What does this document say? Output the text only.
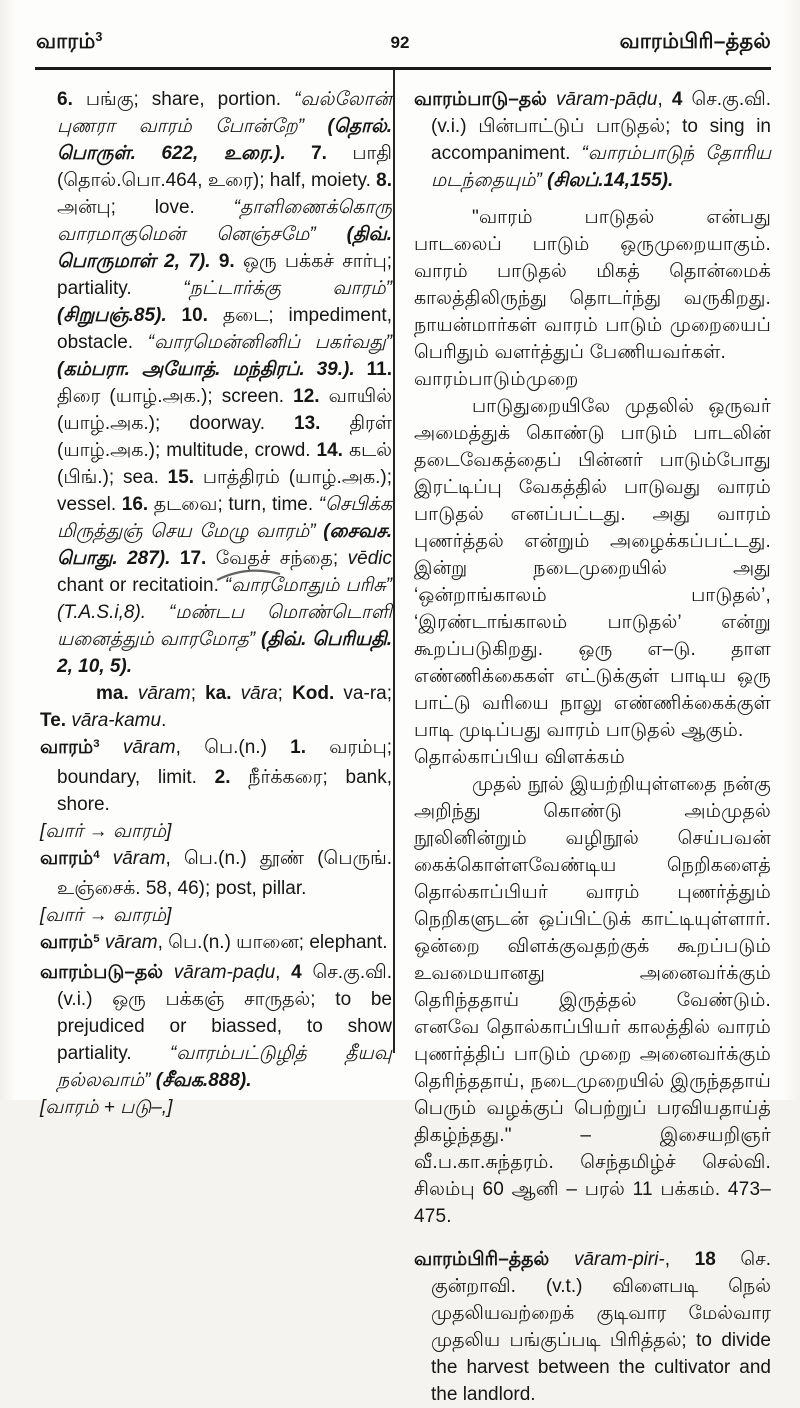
வாரம்$^3$	92	வாரம்பிரி–த்தல்

6. பங்கு; share, portion. “வல்லோன் புணரா வாரம் போன்றே” (தொல். பொருள். 622, உரை.). 7. பாதி (தொல்.பொ.464, உரை); half, moiety. 8. அன்பு; love. “தாளிணைக்கொரு வாரமாகுமென் னெஞ்சமே” (திவ். பொருமாள் 2, 7). 9. ஒரு பக்கச் சார்பு; partiality. “நட்டார்க்கு வாரம்” (சிறுபஞ்.85). 10. தடை; impediment, obstacle. “வாரமென்னினிப் பகர்வது” (கம்பரா. அயோத். மந்திரப். 39.). 11. திரை (யாழ்.அக.); screen. 12. வாயில் (யாழ்.அக.); doorway. 13. திரள் (யாழ்.அக.); multitude, crowd. 14. கடல் (பிங்.); sea. 15. பாத்திரம் (யாழ்.அக.); vessel. 16. தடவை; turn, time. “செபிக்க மிருத்துஞ் செய மேழு வாரம்” (சைவச. பொது. 287). 17. வேதச் சந்தை; vēdic chant or recitatioin. “வாரமோதும் பரிசு” (T.A.S.i,8). “மண்டப மொண்டொளி யனைத்தும் வாரமோத” (திவ். பெரியதி. 2, 10, 5).

ma. vāram; ka. vāra; Kod. va-ra; Te. vāra-kamu.

வாரம்$^3$ vāram, பெ.(n.) 1. வரம்பு; boundary, limit. 2. நீர்க்கரை; bank, shore.

[வார் → வாரம்]

வாரம்$^4$ vāram, பெ.(n.) தூண் (பெருங். உஞ்சைக். 58, 46); post, pillar.

[வார் → வாரம்]

வாரம்$^5$ vāram, பெ.(n.) யானை; elephant.

வாரம்படு–தல் vāram-paḍu, 4 செ.கு.வி. (v.i.) ஒரு பக்கஞ் சாருதல்; to be prejudiced or biassed, to show partiality. “வாரம்பட்டுழித் தீயவு நல்லவாம்” (சீவக.888).

[வாரம் + படு–,]

வாரம்பாடு–தல் vāram-pāḍu, 4 செ.கு.வி. (v.i.) பின்பாட்டுப் பாடுதல்; to sing in accompaniment. “வாரம்பாடுந் தோரிய மடந்தையும்” (சிலப்.14,155).

"வாரம் பாடுதல் என்பது பாடலைப் பாடும் ஒருமுறையாகும். வாரம் பாடுதல் மிகத் தொன்மைக் காலத்திலிருந்து தொடர்ந்து வருகிறது. நாயன்மார்கள் வாரம் பாடும் முறையைப் பெரிதும் வளர்த்துப் பேணியவர்கள்.

வாரம்பாடும்முறை

பாடுதுறையிலே முதலில் ஒருவர் அமைத்துக் கொண்டு பாடும் பாடலின் தடைவேகத்தைப் பின்னர் பாடும்போது இரட்டிப்பு வேகத்தில் பாடுவது வாரம் பாடுதல் எனப்பட்டது. அது வாரம் புணர்த்தல் என்றும் அழைக்கப்பட்டது. இன்று நடைமுறையில் அது ‘ஒன்றாங்காலம் பாடுதல்’, ‘இரண்டாங்காலம் பாடுதல்’ என்று கூறப்படுகிறது. ஒரு எ–டு. தாள எண்ணிக்கைகள் எட்டுக்குள் பாடிய ஒரு பாட்டு வரியை நாலு எண்ணிக்கைக்குள் பாடி முடிப்பது வாரம் பாடுதல் ஆகும்.

தொல்காப்பிய விளக்கம்

முதல் நூல் இயற்றியுள்ளதை நன்கு அறிந்து கொண்டு அம்முதல் நூலினின்றும் வழிநூல் செய்பவன் கைக்கொள்ளவேண்டிய நெறிகளைத் தொல்காப்பியர் வாரம் புணர்த்தும் நெறிகளுடன் ஒப்பிட்டுக் காட்டியுள்ளார். ஒன்றை விளக்குவதற்குக் கூறப்படும் உவமையானது அனைவர்க்கும் தெரிந்ததாய் இருத்தல் வேண்டும். எனவே தொல்காப்பியர் காலத்தில் வாரம் புணர்த்திப் பாடும் முறை அனைவர்க்கும் தெரிந்ததாய், நடைமுறையில் இருந்ததாய் பெரும் வழக்குப் பெற்றுப் பரவியதாய்த் திகழ்ந்தது." – இசையறிஞர் வீ.ப.கா.சுந்தரம். செந்தமிழ்ச் செல்வி. சிலம்பு 60 ஆனி – பரல் 11 பக்கம். 473–475.

வாரம்பிரி–த்தல் vāram-piri-, 18 செ. குன்றாவி. (v.t.) விளைபடி நெல் முதலியவற்றைக் குடிவார மேல்வார முதலிய பங்குப்படி பிரித்தல்; to divide the harvest between the cultivator and the landlord.
